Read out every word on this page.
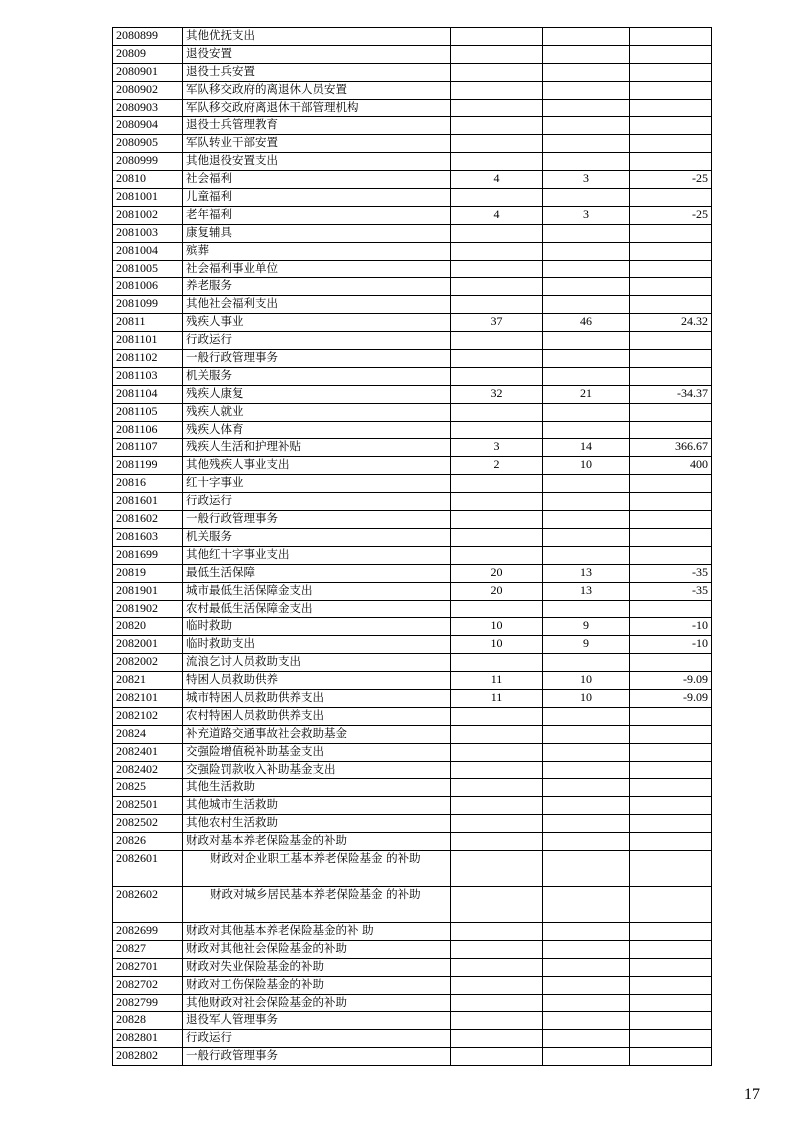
2080899	其他优抚支出			
20809	退役安置			
2080901	退役士兵安置			
2080902	军队移交政府的离退休人员安置			
2080903	军队移交政府离退休干部管理机构			
2080904	退役士兵管理教育			
2080905	军队转业干部安置			
2080999	其他退役安置支出			
20810	社会福利	4	3	-25
2081001	儿童福利			
2081002	老年福利	4	3	-25
2081003	康复辅具			
2081004	殡葬			
2081005	社会福利事业单位			
2081006	养老服务			
2081099	其他社会福利支出			
20811	残疾人事业	37	46	24.32
2081101	行政运行			
2081102	一般行政管理事务			
2081103	机关服务			
2081104	残疾人康复	32	21	-34.37
2081105	残疾人就业			
2081106	残疾人体育			
2081107	残疾人生活和护理补贴	3	14	366.67
2081199	其他残疾人事业支出	2	10	400
20816	红十字事业			
2081601	行政运行			
2081602	一般行政管理事务			
2081603	机关服务			
2081699	其他红十字事业支出			
20819	最低生活保障	20	13	-35
2081901	城市最低生活保障金支出	20	13	-35
2081902	农村最低生活保障金支出			
20820	临时救助	10	9	-10
2082001	临时救助支出	10	9	-10
2082002	流浪乞讨人员救助支出			
20821	特困人员救助供养	11	10	-9.09
2082101	城市特困人员救助供养支出	11	10	-9.09
2082102	农村特困人员救助供养支出			
20824	补充道路交通事故社会救助基金			
2082401	交强险增值税补助基金支出			
2082402	交强险罚款收入补助基金支出			
20825	其他生活救助			
2082501	其他城市生活救助			
2082502	其他农村生活救助			
20826	财政对基本养老保险基金的补助			
2082601	财政对企业职工基本养老保险基金 的补助			
2082602	财政对城乡居民基本养老保险基金 的补助			
2082699	财政对其他基本养老保险基金的补 助			
20827	财政对其他社会保险基金的补助			
2082701	财政对失业保险基金的补助			
2082702	财政对工伤保险基金的补助			
2082799	其他财政对社会保险基金的补助			
20828	退役军人管理事务			
2082801	行政运行			
2082802	一般行政管理事务			
17
